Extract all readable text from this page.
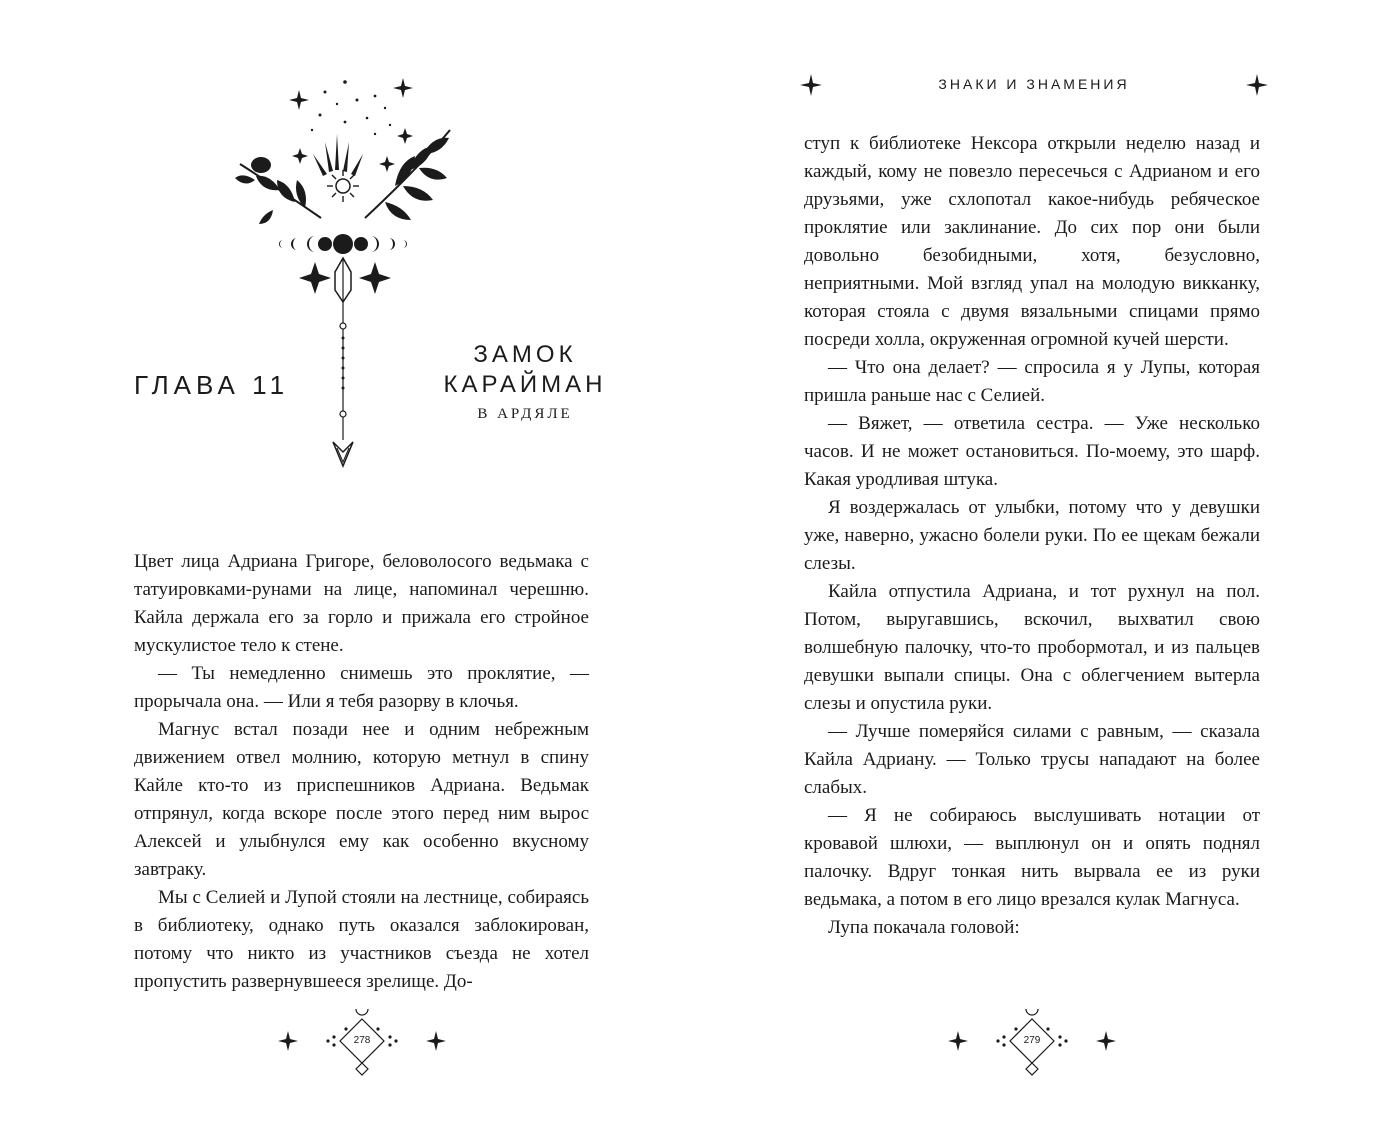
ГЛАВА 11
ЗАМОК
КАРАЙМАН
В АРДЯЛЕ

Цвет лица Адриана Григоре, беловолосого ведьмака с татуировками-рунами на лице, напоминал черешню. Кайла держала его за горло и прижала его стройное мускулистое тело к стене.

— Ты немедленно снимешь это проклятие, — прорычала она. — Или я тебя разорву в клочья.

Магнус встал позади нее и одним небрежным движением отвел молнию, которую метнул в спину Кайле кто-то из приспешников Адриана. Ведьмак отпрянул, когда вскоре после этого перед ним вырос Алексей и улыбнулся ему как особенно вкусному завтраку.

Мы с Селией и Лупой стояли на лестнице, собираясь в библиотеку, однако путь оказался заблокирован, потому что никто из участников съезда не хотел пропустить развернувшееся зрелище. До-

278
ЗНАКИ И ЗНАМЕНИЯ

ступ к библиотеке Нексора открыли неделю назад и каждый, кому не повезло пересечься с Адрианом и его друзьями, уже схлопотал какое-нибудь ребяческое проклятие или заклинание. До сих пор они были довольно безобидными, хотя, безусловно, неприятными. Мой взгляд упал на молодую викканку, которая стояла с двумя вязальными спицами прямо посреди холла, окруженная огромной кучей шерсти.

— Что она делает? — спросила я у Лупы, которая пришла раньше нас с Селией.

— Вяжет, — ответила сестра. — Уже несколько часов. И не может остановиться. По-моему, это шарф. Какая уродливая штука.

Я воздержалась от улыбки, потому что у девушки уже, наверно, ужасно болели руки. По ее щекам бежали слезы.

Кайла отпустила Адриана, и тот рухнул на пол. Потом, выругавшись, вскочил, выхватил свою волшебную палочку, что-то пробормотал, и из пальцев девушки выпали спицы. Она с облегчением вытерла слезы и опустила руки.

— Лучше померяйся силами с равным, — сказала Кайла Адриану. — Только трусы нападают на более слабых.

— Я не собираюсь выслушивать нотации от кровавой шлюхи, — выплюнул он и опять поднял палочку. Вдруг тонкая нить вырвала ее из руки ведьмака, а потом в его лицо врезался кулак Магнуса.

Лупа покачала головой:

279
